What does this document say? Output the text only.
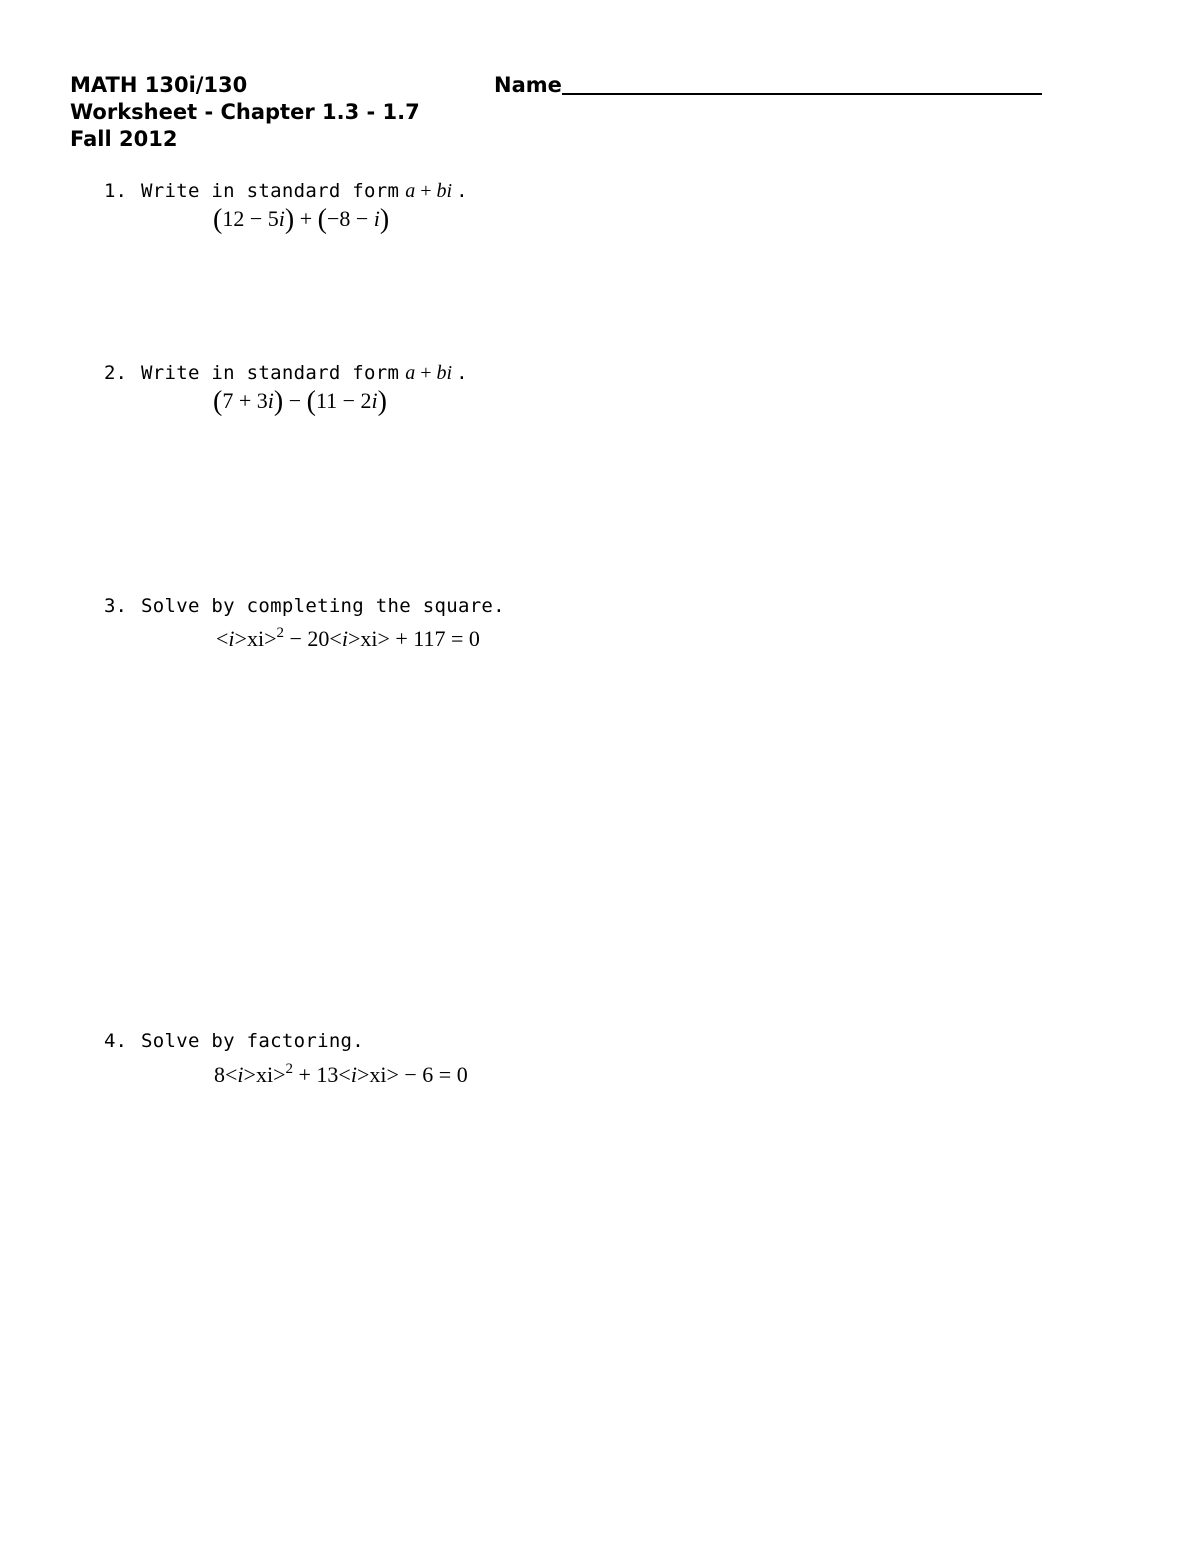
MATH 130i/130
Worksheet - Chapter 1.3 - 1.7
Fall 2012
Name
1. Write in standard form a + bi .
(12 − 5i) + (−8 − i)
2. Write in standard form a + bi .
(7 + 3i) − (11 − 2i)
3. Solve by completing the square.
<i>xi>$^2$ − 20<i>xi> + 117 = 0
4. Solve by factoring.
8<i>xi>$^2$ + 13<i>xi> − 6 = 0
